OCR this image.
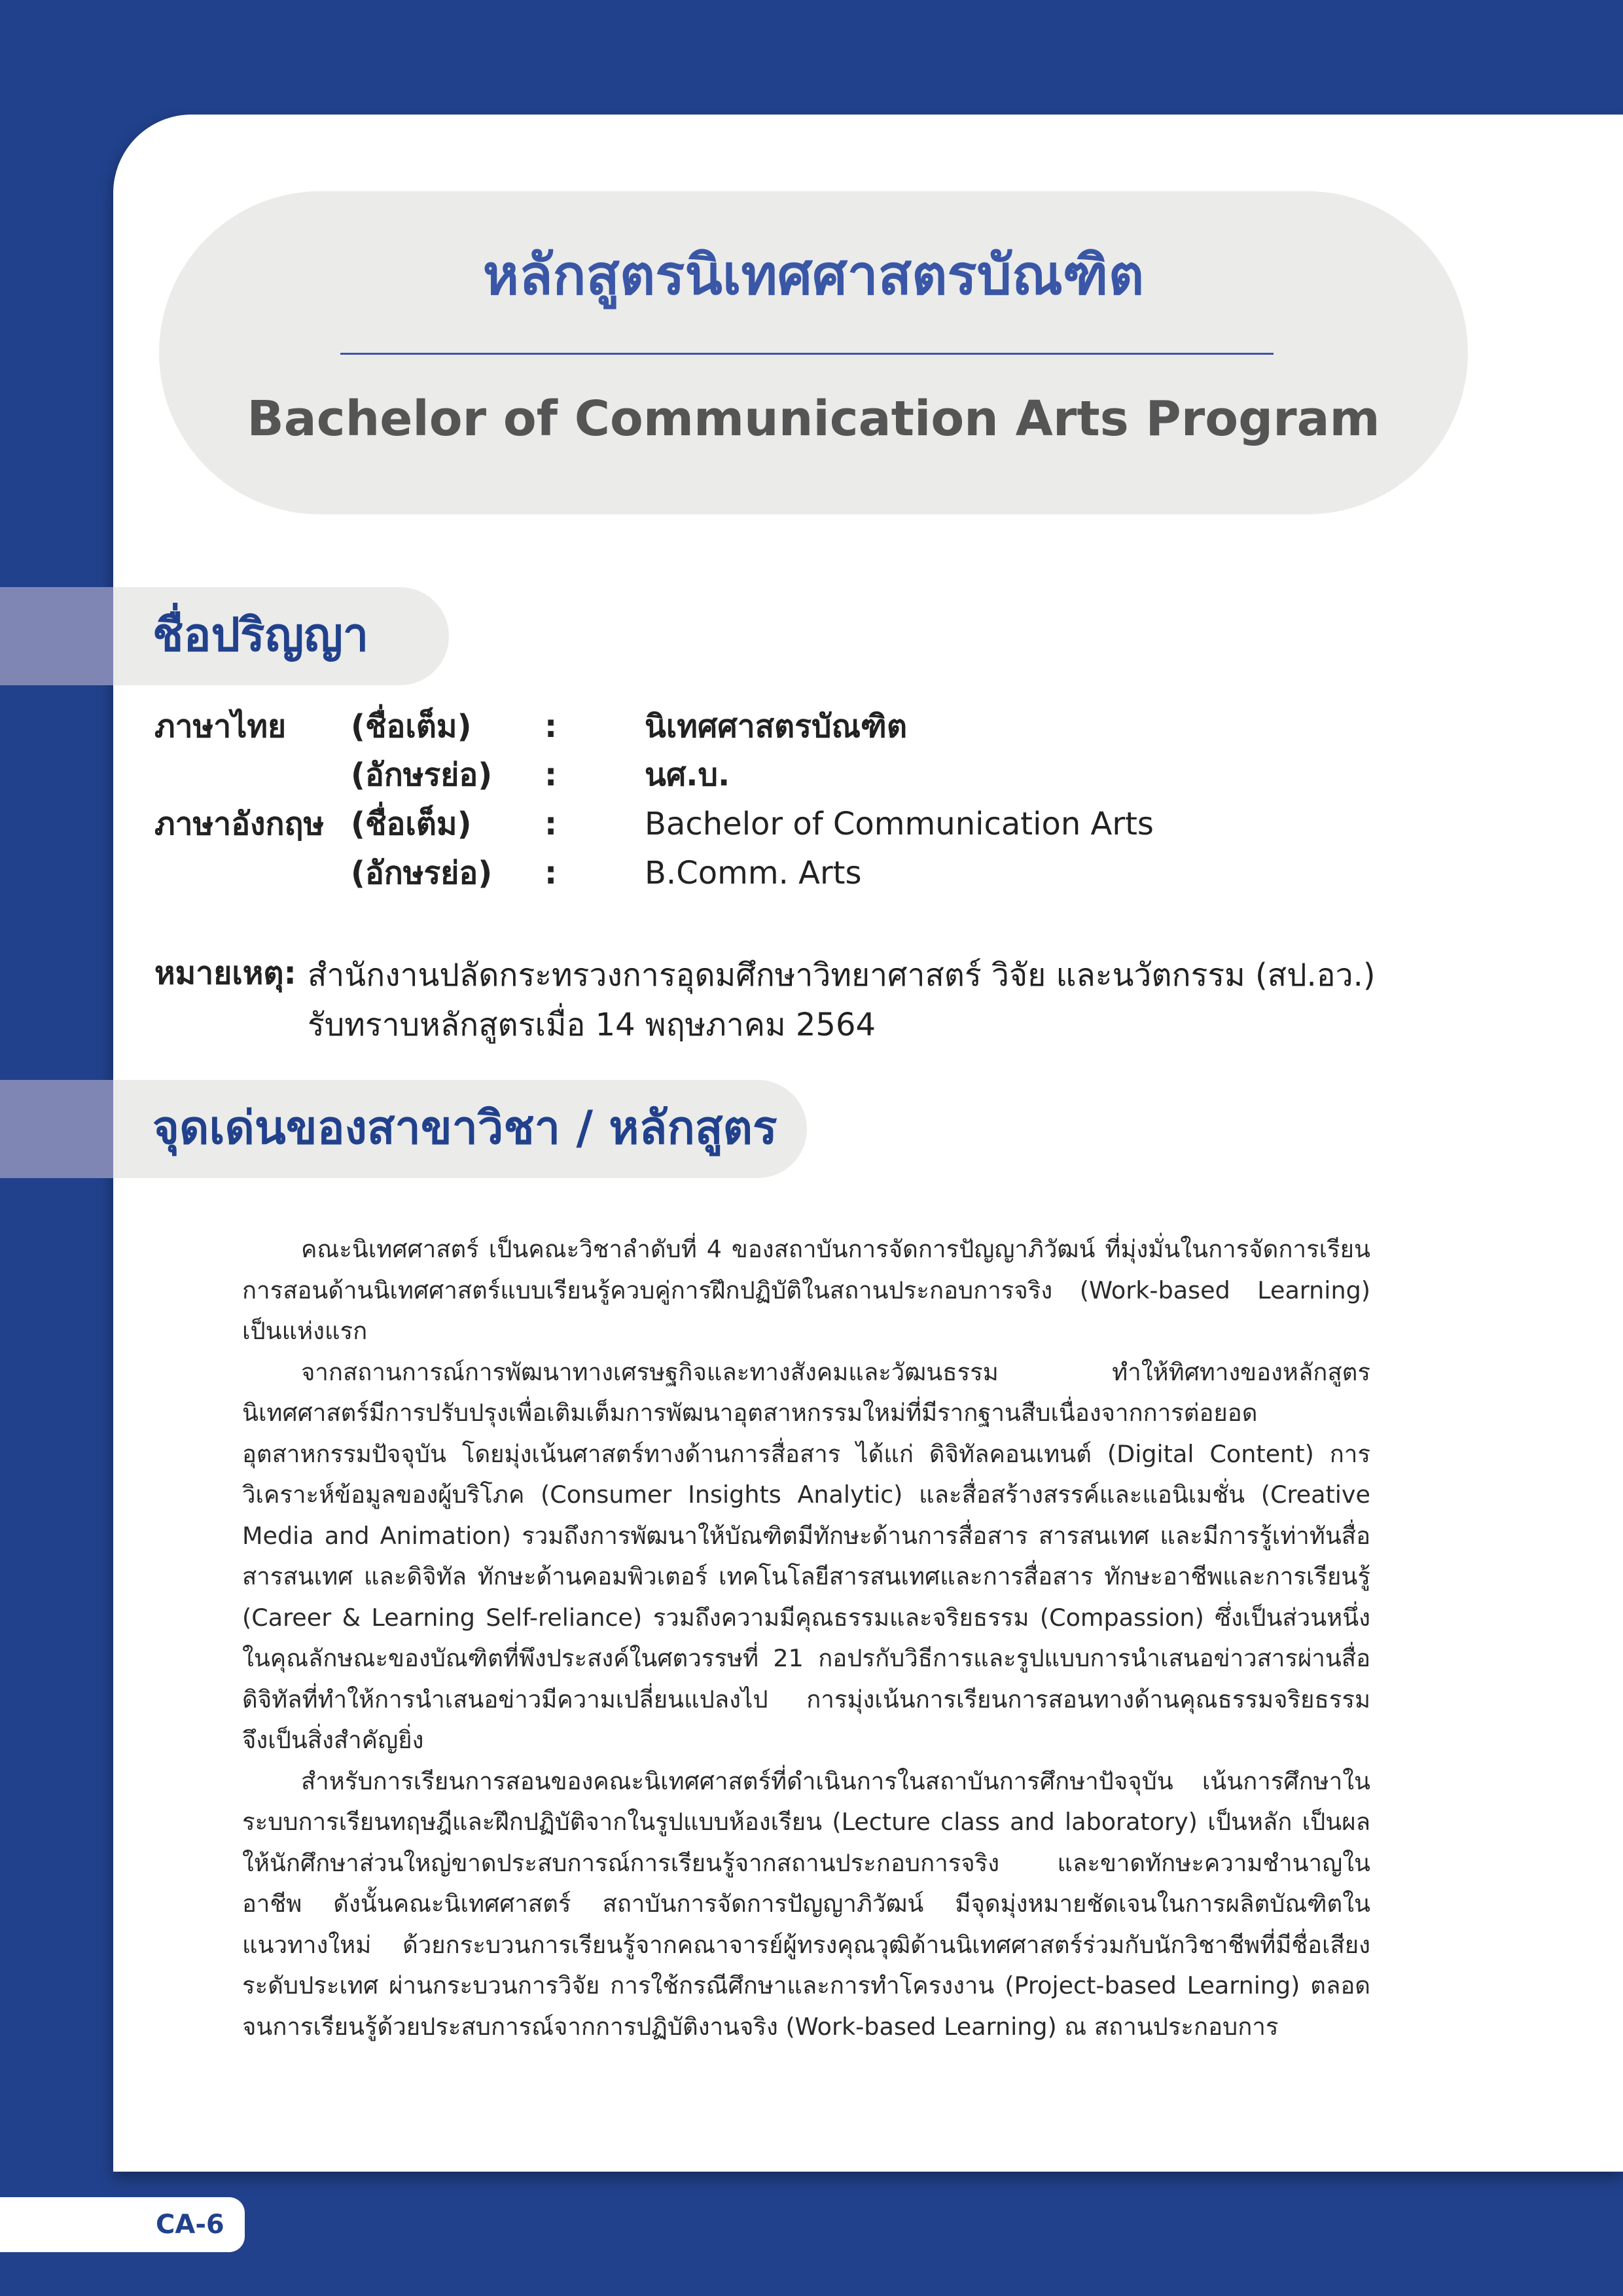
หลักสูตรนิเทศศาสตรบัณฑิต
Bachelor of Communication Arts Program
ชื่อปริญญา
ภาษาไทย (ชื่อเต็ม) :	นิเทศศาสตรบัณฑิต
(อักษรย่อ) :	นศ.บ.
ภาษาอังกฤษ (ชื่อเต็ม) :	Bachelor of Communication Arts
(อักษรย่อ) :	B.Comm. Arts
หมายเหตุ: สำนักงานปลัดกระทรวงการอุดมศึกษาวิทยาศาสตร์ วิจัย และนวัตกรรม (สป.อว.)
รับทราบหลักสูตรเมื่อ 14 พฤษภาคม 2564
จุดเด่นของสาขาวิชา / หลักสูตร

คณะนิเทศศาสตร์ เป็นคณะวิชาลำดับที่ 4 ของสถาบันการจัดการปัญญาภิวัฒน์ ที่มุ่งมั่นในการจัดการเรียนการสอนด้านนิเทศศาสตร์แบบเรียนรู้ควบคู่การฝึกปฏิบัติในสถานประกอบการจริง (Work-based Learning) เป็นแห่งแรก

จากสถานการณ์การพัฒนาทางเศรษฐกิจและทางสังคมและวัฒนธรรม ทำให้ทิศทางของหลักสูตรนิเทศศาสตร์มีการปรับปรุงเพื่อเติมเต็มการพัฒนาอุตสาหกรรมใหม่ที่มีรากฐานสืบเนื่องจากการต่อยอดอุตสาหกรรมปัจจุบัน โดยมุ่งเน้นศาสตร์ทางด้านการสื่อสาร ได้แก่ ดิจิทัลคอนเทนต์ (Digital Content) การวิเคราะห์ข้อมูลของผู้บริโภค (Consumer Insights Analytic) และสื่อสร้างสรรค์และแอนิเมชั่น (Creative Media and Animation) รวมถึงการพัฒนาให้บัณฑิตมีทักษะด้านการสื่อสาร สารสนเทศ และมีการรู้เท่าทันสื่อ สารสนเทศ และดิจิทัล ทักษะด้านคอมพิวเตอร์ เทคโนโลยีสารสนเทศและการสื่อสาร ทักษะอาชีพและการเรียนรู้ (Career & Learning Self-reliance) รวมถึงความมีคุณธรรมและจริยธรรม (Compassion) ซึ่งเป็นส่วนหนึ่งในคุณลักษณะของบัณฑิตที่พึงประสงค์ในศตวรรษที่ 21 กอปรกับวิธีการและรูปแบบการนำเสนอข่าวสารผ่านสื่อดิจิทัลที่ทำให้การนำเสนอข่าวมีความเปลี่ยนแปลงไป การมุ่งเน้นการเรียนการสอนทางด้านคุณธรรมจริยธรรม จึงเป็นสิ่งสำคัญยิ่ง

สำหรับการเรียนการสอนของคณะนิเทศศาสตร์ที่ดำเนินการในสถาบันการศึกษาปัจจุบัน เน้นการศึกษาในระบบการเรียนทฤษฎีและฝึกปฏิบัติจากในรูปแบบห้องเรียน (Lecture class and laboratory) เป็นหลัก เป็นผลให้นักศึกษาส่วนใหญ่ขาดประสบการณ์การเรียนรู้จากสถานประกอบการจริง และขาดทักษะความชำนาญในอาชีพ ดังนั้นคณะนิเทศศาสตร์ สถาบันการจัดการปัญญาภิวัฒน์ มีจุดมุ่งหมายชัดเจนในการผลิตบัณฑิตในแนวทางใหม่ ด้วยกระบวนการเรียนรู้จากคณาจารย์ผู้ทรงคุณวุฒิด้านนิเทศศาสตร์ร่วมกับนักวิชาชีพที่มีชื่อเสียงระดับประเทศ ผ่านกระบวนการวิจัย การใช้กรณีศึกษาและการทำโครงงาน (Project-based Learning) ตลอดจนการเรียนรู้ด้วยประสบการณ์จากการปฏิบัติงานจริง (Work-based Learning) ณ สถานประกอบการ

CA-6
